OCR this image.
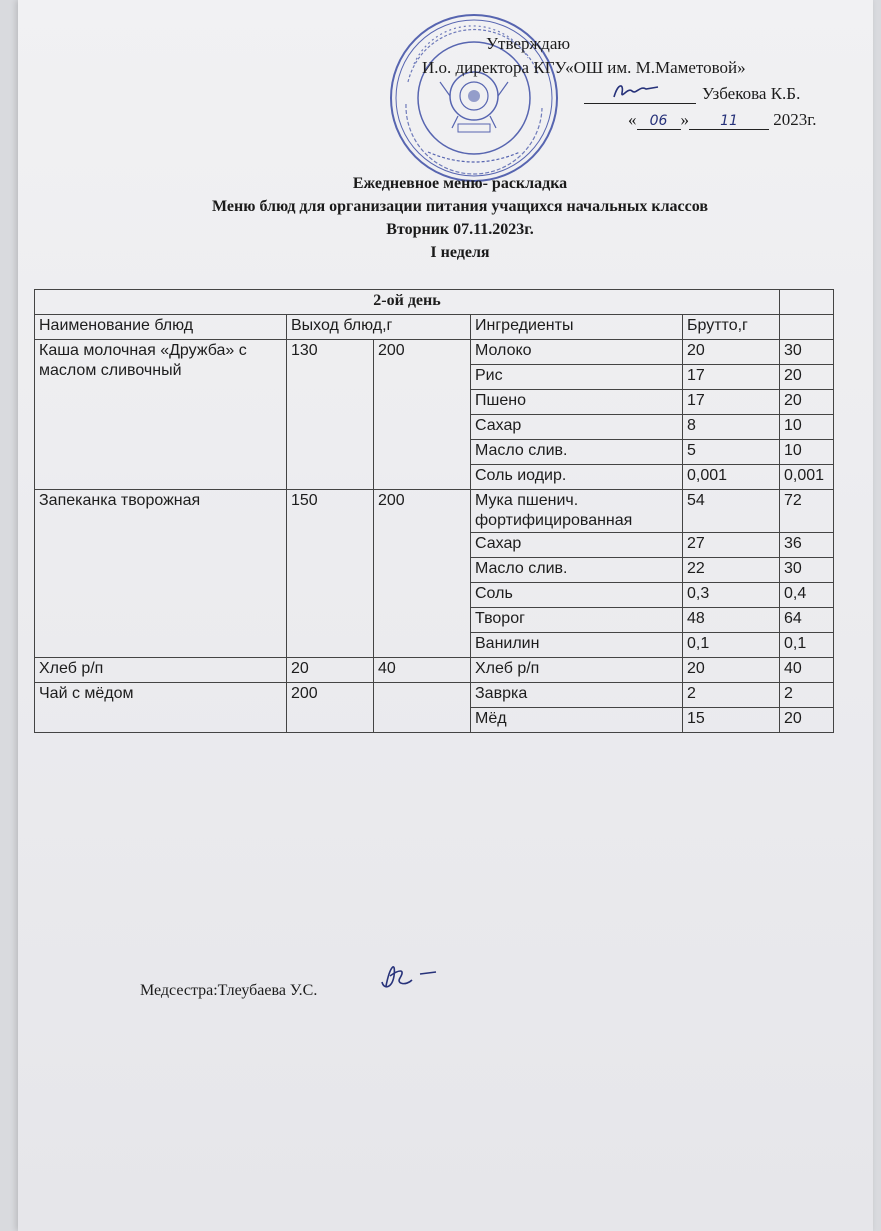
Утверждаю
И.о. директора КГУ«ОШ им. М.Маметовой»
Узбекова К.Б.
« 06 » 11 2023г.
Ежедневное меню- раскладка
Меню блюд для организации питания учащихся начальных классов
Вторник 07.11.2023г.
I неделя
2-ой день					
Наименование блюд	Выход блюд,г		Ингредиенты	Брутто,г	
Каша молочная «Дружба» с маслом сливочный	130	200	Молоко	20	30
			Рис	17	20
			Пшено	17	20
			Сахар	8	10
			Масло слив.	5	10
			Соль иодир.	0,001	0,001
Запеканка творожная	150	200	Мука пшенич. фортифицированная	54	72
			Сахар	27	36
			Масло слив.	22	30
			Соль	0,3	0,4
			Творог	48	64
			Ванилин	0,1	0,1
Хлеб р/п	20	40	Хлеб р/п	20	40
Чай с мёдом	200		Заврка	2	2
			Мёд	15	20
Медсестра:Тлеубаева У.С.
